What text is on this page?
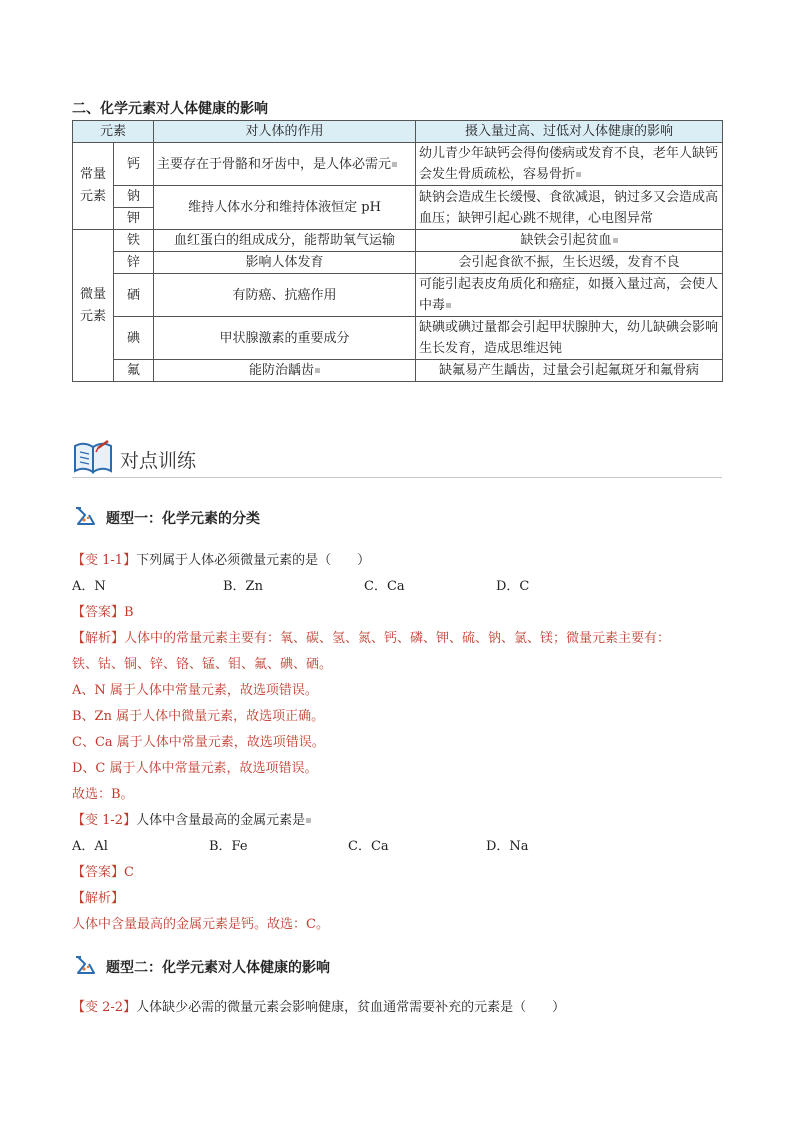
二、化学元素对人体健康的影响
元素		对人体的作用	摄入量过高、过低对人体健康的影响
常量元素	钙	主要存在于骨骼和牙齿中，是人体必需元	幼儿青少年缺钙会得佝偻病或发育不良，老年人缺钙会发生骨质疏松，容易骨折
	钠	维持人体水分和维持体液恒定 pH	缺钠会造成生长缓慢、食欲减退，钠过多又会造成高血压；缺钾引起心跳不规律，心电图异常
	钾		
微量元素	铁	血红蛋白的组成成分，能帮助氧气运输	缺铁会引起贫血
	锌	影响人体发育	会引起食欲不振，生长迟缓，发育不良
	硒	有防癌、抗癌作用	可能引起表皮角质化和癌症，如摄入量过高，会使人中毒
	碘	甲状腺激素的重要成分	缺碘或碘过量都会引起甲状腺肿大，幼儿缺碘会影响生长发育，造成思维迟钝
	氟	能防治龋齿	缺氟易产生龋齿，过量会引起氟斑牙和氟骨病
对点训练
题型一：化学元素的分类
【变 1-1】下列属于人体必须微量元素的是（　　）
A．N	B．Zn	C．Ca	D．C
【答案】B
【解析】人体中的常量元素主要有：氧、碳、氢、氮、钙、磷、钾、硫、钠、氯、镁；微量元素主要有：
铁、钴、铜、锌、铬、锰、钼、氟、碘、硒。
A、N 属于人体中常量元素，故选项错误。
B、Zn 属于人体中微量元素，故选项正确。
C、Ca 属于人体中常量元素，故选项错误。
D、C 属于人体中常量元素，故选项错误。
故选：B。
【变 1-2】人体中含量最高的金属元素是
A．Al	B．Fe	C．Ca	D．Na
【答案】C
【解析】
人体中含量最高的金属元素是钙。故选：C。
题型二：化学元素对人体健康的影响
【变 2-2】人体缺少必需的微量元素会影响健康，贫血通常需要补充的元素是（　　）
